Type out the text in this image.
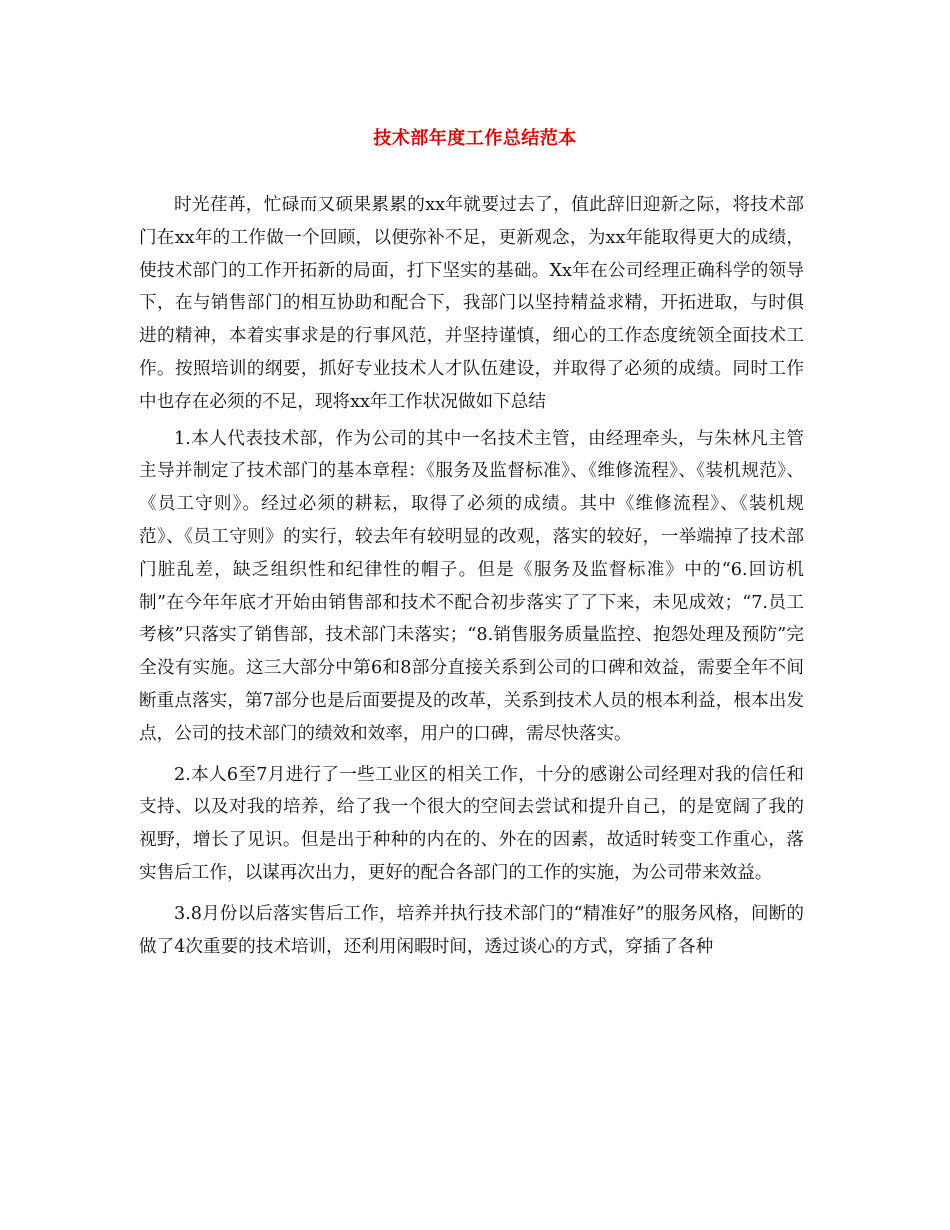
技术部年度工作总结范本

时光荏苒，忙碌而又硕果累累的xx年就要过去了，值此辞旧迎新之际，将技术部门在xx年的工作做一个回顾，以便弥补不足，更新观念，为xx年能取得更大的成绩，使技术部门的工作开拓新的局面，打下坚实的基础。Xx年在公司经理正确科学的领导下，在与销售部门的相互协助和配合下，我部门以坚持精益求精，开拓进取，与时俱进的精神，本着实事求是的行事风范，并坚持谨慎，细心的工作态度统领全面技术工作。按照培训的纲要，抓好专业技术人才队伍建设，并取得了必须的成绩。同时工作中也存在必须的不足，现将xx年工作状况做如下总结

1.本人代表技术部，作为公司的其中一名技术主管，由经理牵头，与朱林凡主管主导并制定了技术部门的基本章程：《服务及监督标准》、《维修流程》、《装机规范》、《员工守则》。经过必须的耕耘，取得了必须的成绩。其中《维修流程》、《装机规范》、《员工守则》的实行，较去年有较明显的改观，落实的较好，一举端掉了技术部门脏乱差，缺乏组织性和纪律性的帽子。但是《服务及监督标准》中的“6.回访机制”在今年年底才开始由销售部和技术不配合初步落实了了下来，未见成效；“7.员工考核”只落实了销售部，技术部门未落实；“8.销售服务质量监控、抱怨处理及预防”完全没有实施。这三大部分中第6和8部分直接关系到公司的口碑和效益，需要全年不间断重点落实，第7部分也是后面要提及的改革，关系到技术人员的根本利益，根本出发点，公司的技术部门的绩效和效率，用户的口碑，需尽快落实。

2.本人6至7月进行了一些工业区的相关工作，十分的感谢公司经理对我的信任和支持、以及对我的培养，给了我一个很大的空间去尝试和提升自己，的是宽阔了我的视野，增长了见识。但是出于种种的内在的、外在的因素，故适时转变工作重心，落实售后工作，以谋再次出力，更好的配合各部门的工作的实施，为公司带来效益。

3.8月份以后落实售后工作，培养并执行技术部门的“精准好”的服务风格，间断的做了4次重要的技术培训，还利用闲暇时间，透过谈心的方式，穿插了各种
